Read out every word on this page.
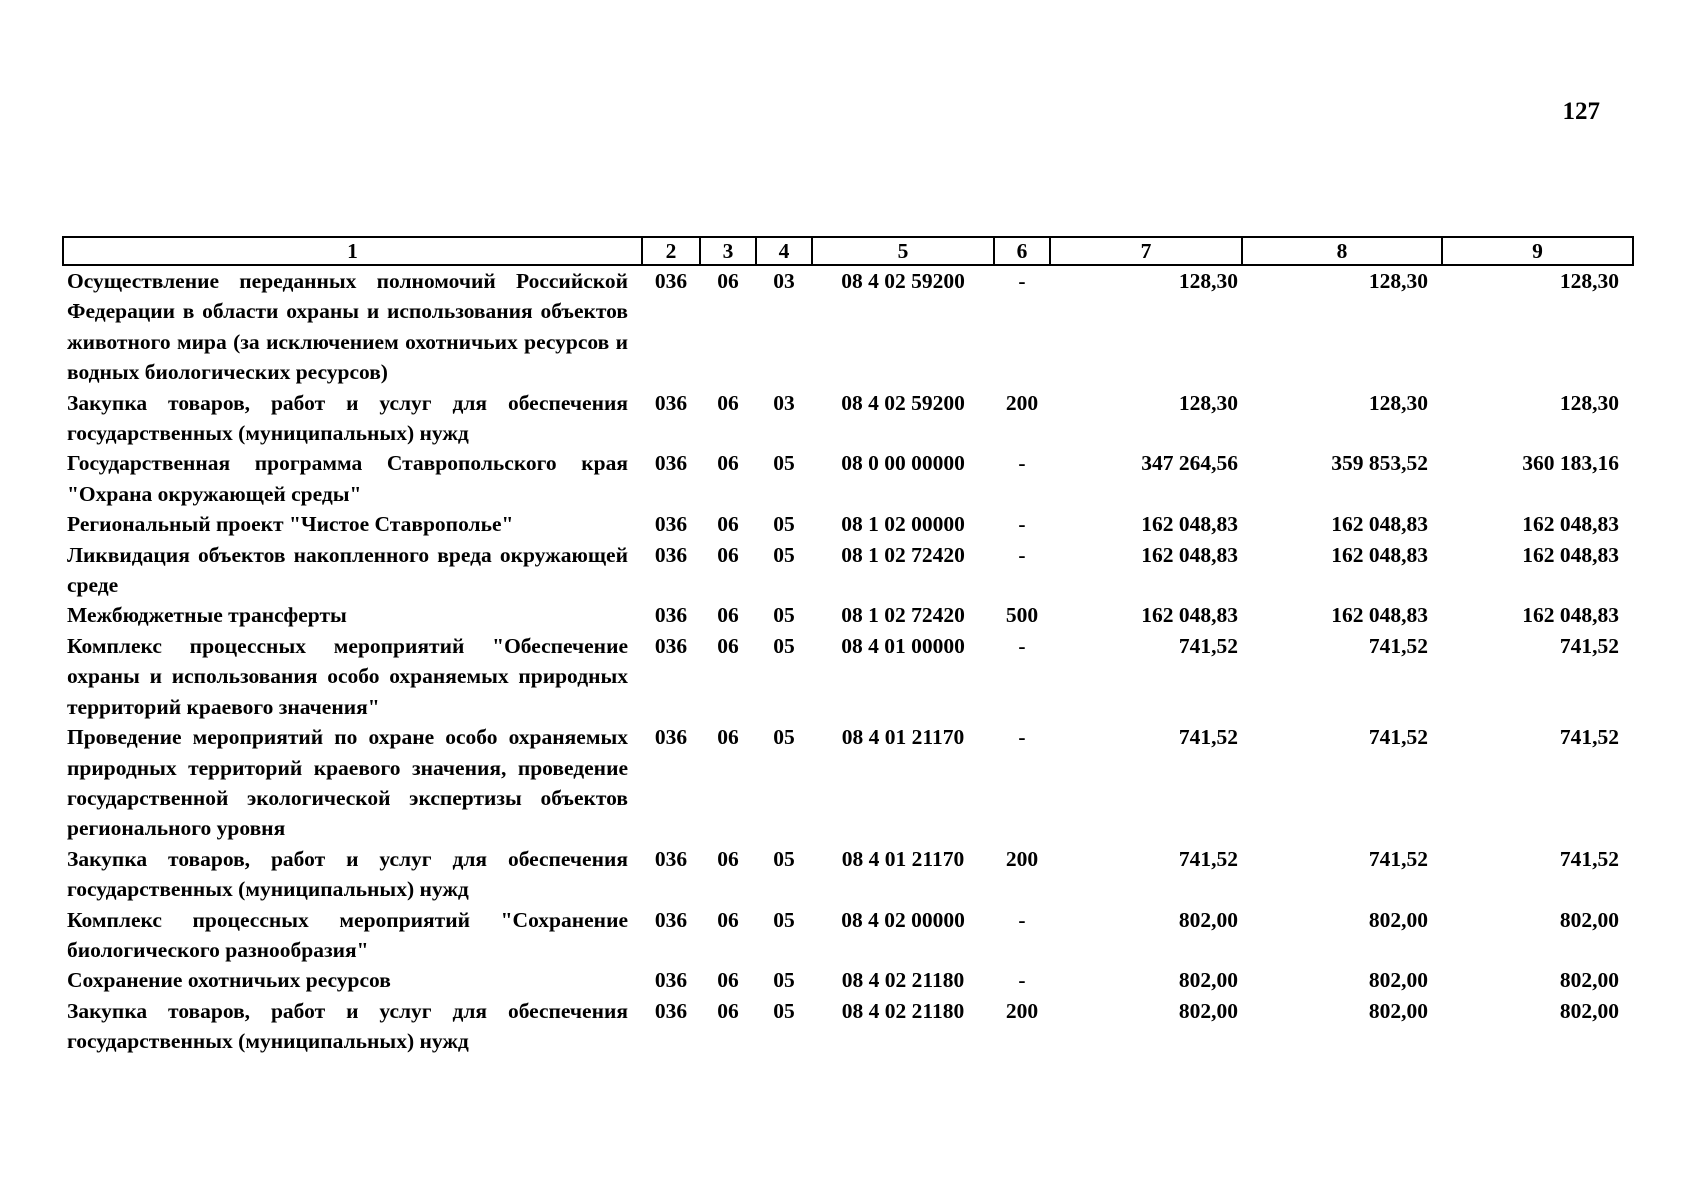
127
1	2	3	4	5	6	7	8	9
Осуществление переданных полномочий Российской Федерации в области охраны и использования объектов животного мира (за исключением охотничьих ресурсов и водных биологических ресурсов)	036	06	03	08 4 02 59200	-	128,30	128,30	128,30
Закупка товаров, работ и услуг для обеспечения государственных (муниципальных) нужд	036	06	03	08 4 02 59200	200	128,30	128,30	128,30
Государственная программа Ставропольского края "Охрана окружающей среды"	036	06	05	08 0 00 00000	-	347 264,56	359 853,52	360 183,16
Региональный проект "Чистое Ставрополье"	036	06	05	08 1 02 00000	-	162 048,83	162 048,83	162 048,83
Ликвидация объектов накопленного вреда окружающей среде	036	06	05	08 1 02 72420	-	162 048,83	162 048,83	162 048,83
Межбюджетные трансферты	036	06	05	08 1 02 72420	500	162 048,83	162 048,83	162 048,83
Комплекс процессных мероприятий "Обеспечение охраны и использования особо охраняемых природных территорий краевого значения"	036	06	05	08 4 01 00000	-	741,52	741,52	741,52
Проведение мероприятий по охране особо охраняемых природных территорий краевого значения, проведение государственной экологической экспертизы объектов регионального уровня	036	06	05	08 4 01 21170	-	741,52	741,52	741,52
Закупка товаров, работ и услуг для обеспечения государственных (муниципальных) нужд	036	06	05	08 4 01 21170	200	741,52	741,52	741,52
Комплекс процессных мероприятий "Сохранение биологического разнообразия"	036	06	05	08 4 02 00000	-	802,00	802,00	802,00
Сохранение охотничьих ресурсов	036	06	05	08 4 02 21180	-	802,00	802,00	802,00
Закупка товаров, работ и услуг для обеспечения государственных (муниципальных) нужд	036	06	05	08 4 02 21180	200	802,00	802,00	802,00
